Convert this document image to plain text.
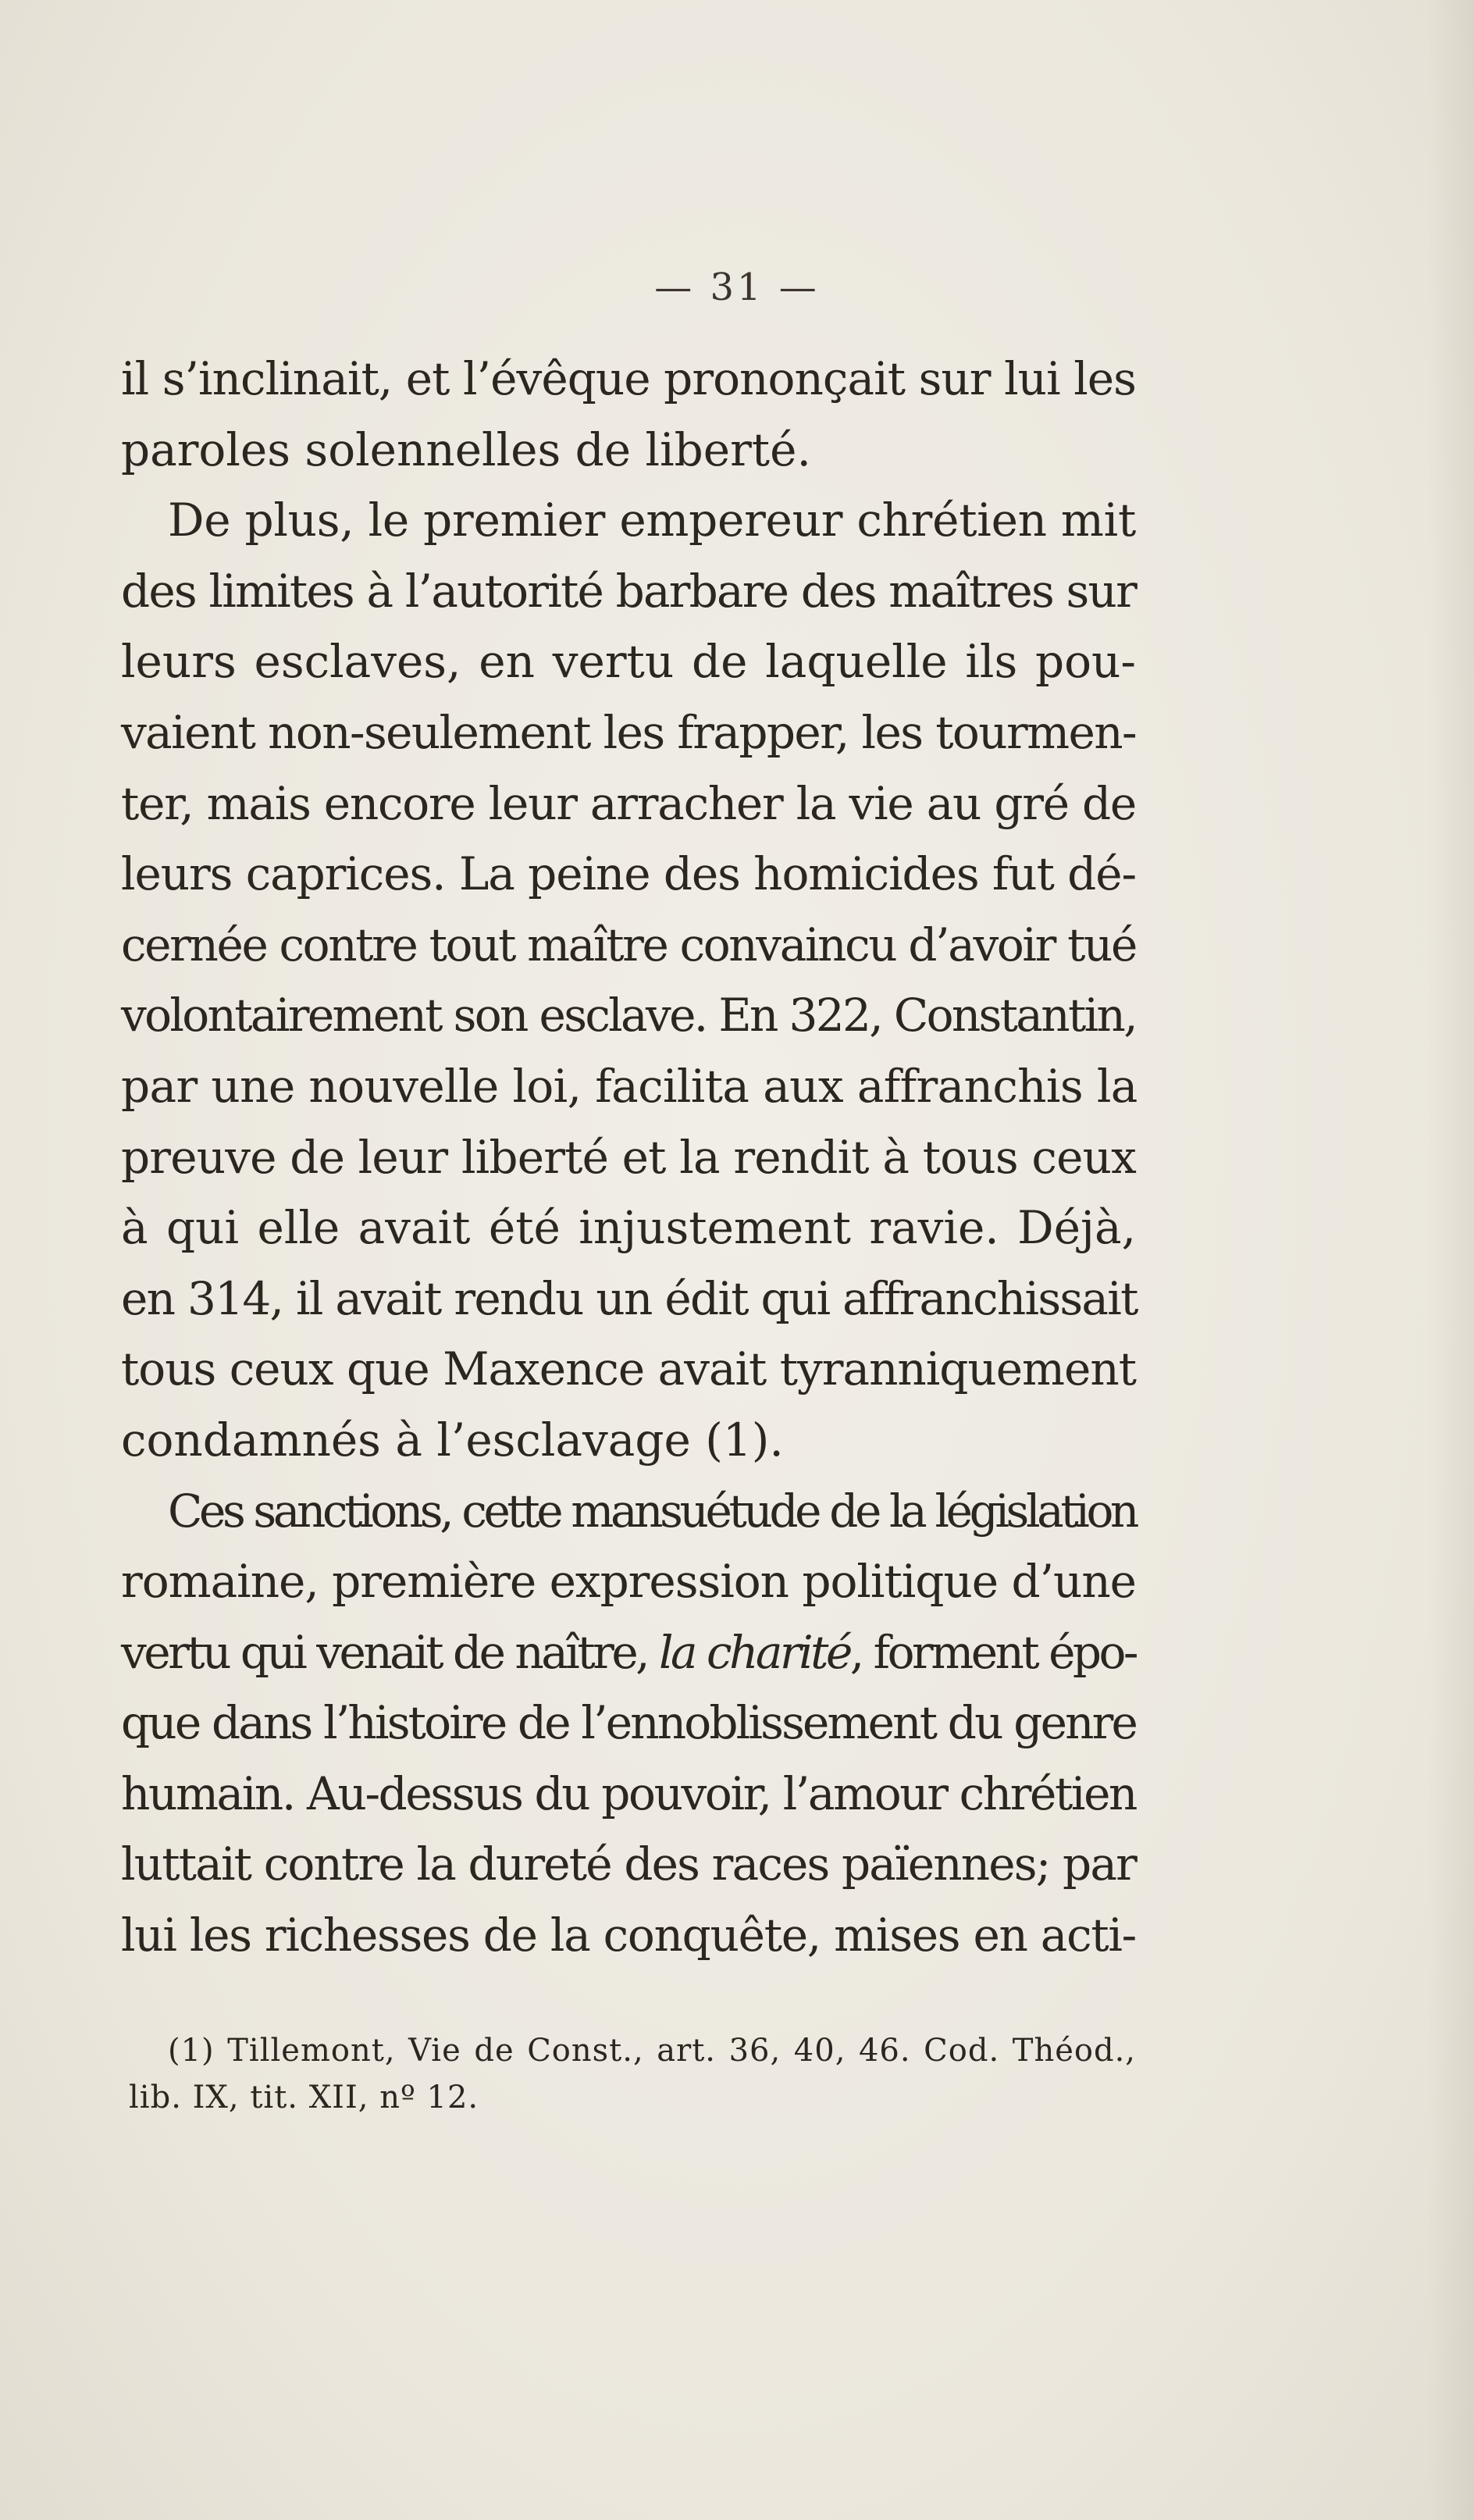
— 31 —
il s’inclinait, et l’évêque prononçait sur lui les
paroles solennelles de liberté.
De plus, le premier empereur chrétien mit
des limites à l’autorité barbare des maîtres sur
leurs esclaves, en vertu de laquelle ils pou-
vaient non-seulement les frapper, les tourmen-
ter, mais encore leur arracher la vie au gré de
leurs caprices. La peine des homicides fut dé-
cernée contre tout maître convaincu d’avoir tué
volontairement son esclave. En 322, Constantin,
par une nouvelle loi, facilita aux affranchis la
preuve de leur liberté et la rendit à tous ceux
à qui elle avait été injustement ravie. Déjà,
en 314, il avait rendu un édit qui affranchissait
tous ceux que Maxence avait tyranniquement
condamnés à l’esclavage (1).
Ces sanctions, cette mansuétude de la législation
romaine, première expression politique d’une
vertu qui venait de naître, la charité, forment épo-
que dans l’histoire de l’ennoblissement du genre
humain. Au-dessus du pouvoir, l’amour chrétien
luttait contre la dureté des races païennes; par
lui les richesses de la conquête, mises en acti-
(1) Tillemont, Vie de Const., art. 36, 40, 46. Cod. Théod.,
lib. IX, tit. XII, nº 12.
